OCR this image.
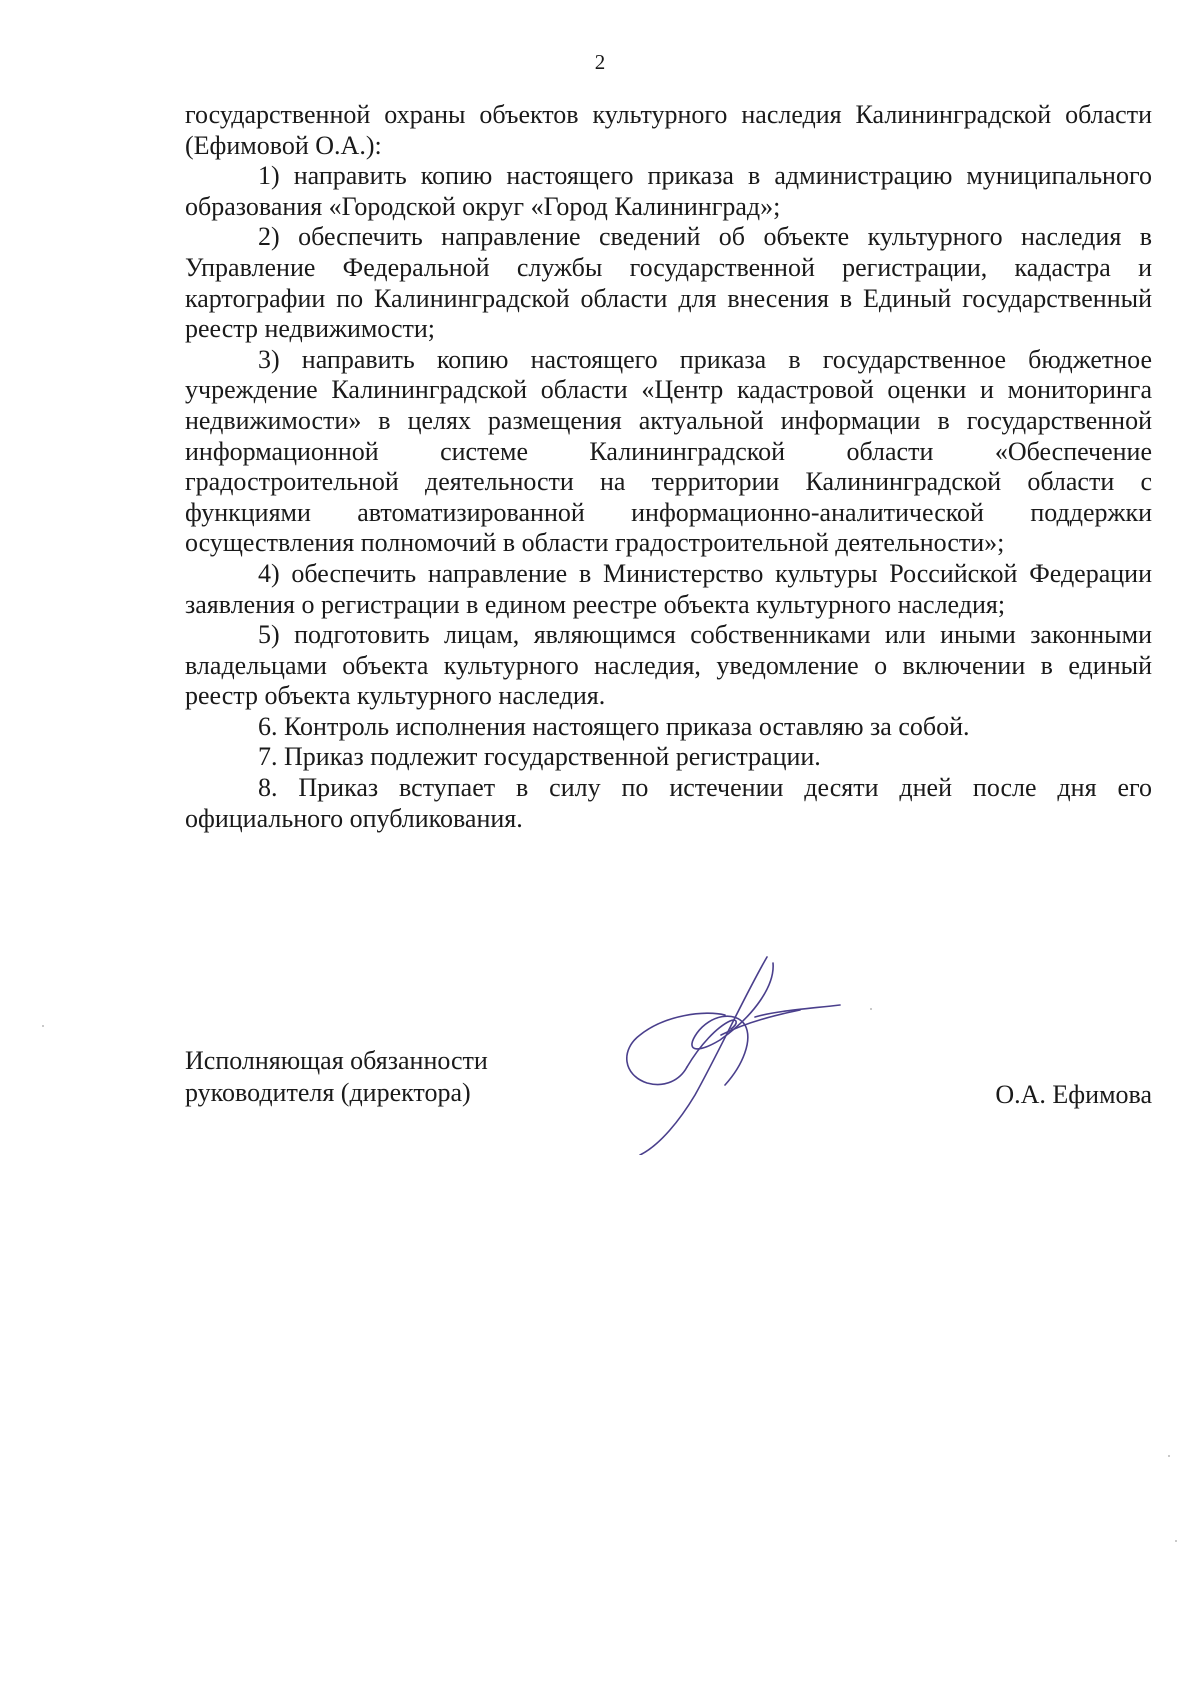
2

государственной охраны объектов культурного наследия Калининградской области (Ефимовой О.А.):

1) направить копию настоящего приказа в администрацию муниципального образования «Городской округ «Город Калининград»;

2) обеспечить направление сведений об объекте культурного наследия в Управление Федеральной службы государственной регистрации, кадастра и картографии по Калининградской области для внесения в Единый государственный реестр недвижимости;

3) направить копию настоящего приказа в государственное бюджетное учреждение Калининградской области «Центр кадастровой оценки и мониторинга недвижимости» в целях размещения актуальной информации в государственной информационной системе Калининградской области «Обеспечение градостроительной деятельности на территории Калининградской области с функциями автоматизированной информационно-аналитической поддержки осуществления полномочий в области градостроительной деятельности»;

4) обеспечить направление в Министерство культуры Российской Федерации заявления о регистрации в едином реестре объекта культурного наследия;

5) подготовить лицам, являющимся собственниками или иными законными владельцами объекта культурного наследия, уведомление о включении в единый реестр объекта культурного наследия.

6. Контроль исполнения настоящего приказа оставляю за собой.

7. Приказ подлежит государственной регистрации.

8. Приказ вступает в силу по истечении десяти дней после дня его официального опубликования.

Исполняющая обязанности
руководителя (директора)	О.А. Ефимова
